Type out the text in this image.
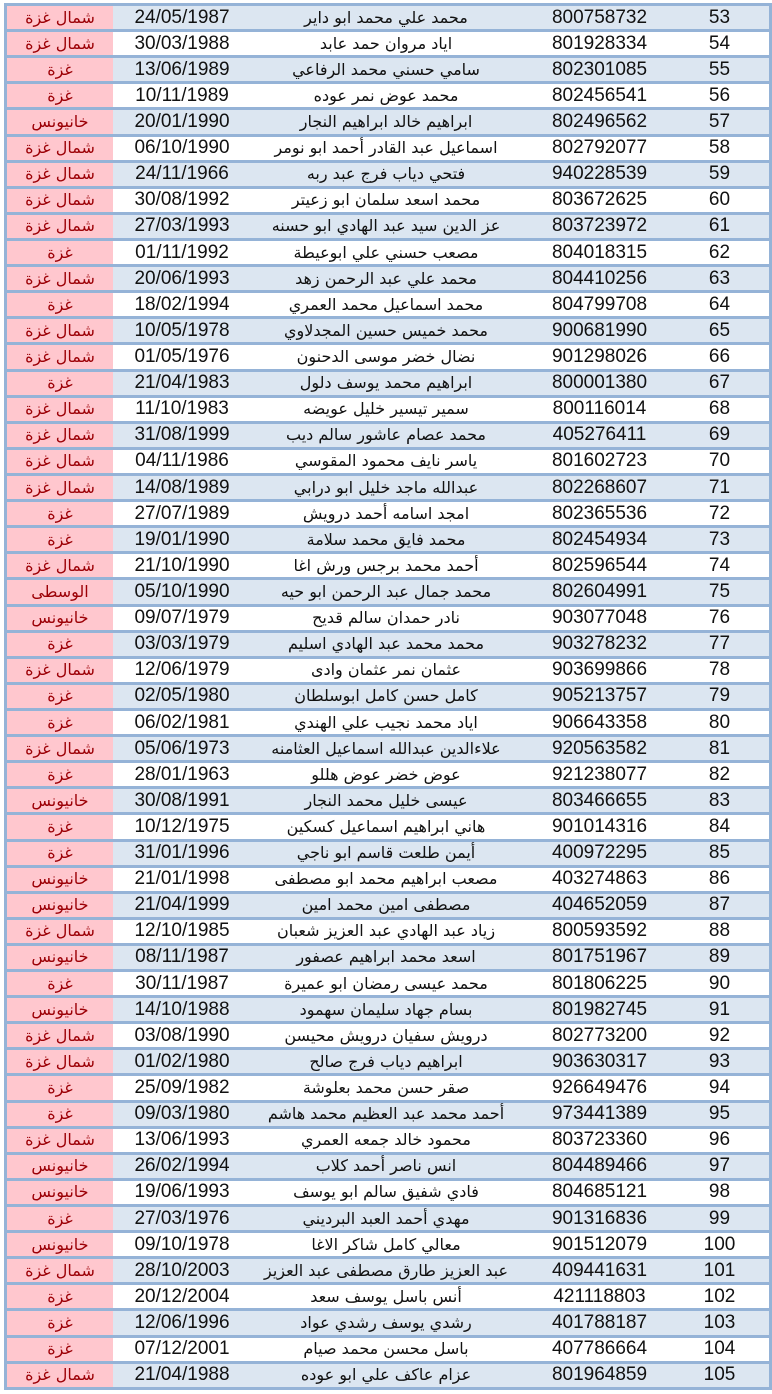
شمال غزة	24/05/1987	محمد علي محمد ابو داير	800758732	53
شمال غزة	30/03/1988	اياد مروان حمد عابد	801928334	54
غزة	13/06/1989	سامي حسني محمد الرفاعي	802301085	55
غزة	10/11/1989	محمد عوض نمر عوده	802456541	56
خانيونس	20/01/1990	ابراهيم خالد ابراهيم النجار	802496562	57
شمال غزة	06/10/1990	اسماعيل عبد القادر أحمد ابو نومر	802792077	58
شمال غزة	24/11/1966	فتحي دياب فرج عبد ربه	940228539	59
شمال غزة	30/08/1992	محمد اسعد سلمان ابو زعيتر	803672625	60
شمال غزة	27/03/1993	عز الدين سيد عبد الهادي ابو حسنه	803723972	61
غزة	01/11/1992	مصعب حسني علي ابوعيطة	804018315	62
شمال غزة	20/06/1993	محمد علي عبد الرحمن زهد	804410256	63
غزة	18/02/1994	محمد اسماعيل محمد العمري	804799708	64
شمال غزة	10/05/1978	محمد خميس حسين المجدلاوي	900681990	65
شمال غزة	01/05/1976	نضال خضر موسى الدحنون	901298026	66
غزة	21/04/1983	ابراهيم محمد يوسف دلول	800001380	67
شمال غزة	11/10/1983	سمير تيسير خليل عويضه	800116014	68
شمال غزة	31/08/1999	محمد عصام عاشور سالم ديب	405276411	69
شمال غزة	04/11/1986	ياسر نايف محمود المقوسي	801602723	70
شمال غزة	14/08/1989	عبدالله ماجد خليل ابو درابي	802268607	71
غزة	27/07/1989	امجد اسامه أحمد درويش	802365536	72
غزة	19/01/1990	محمد فايق محمد سلامة	802454934	73
شمال غزة	21/10/1990	أحمد محمد برجس ورش اغا	802596544	74
الوسطى	05/10/1990	محمد جمال عبد الرحمن ابو حيه	802604991	75
خانيونس	09/07/1979	نادر حمدان سالم قديح	903077048	76
غزة	03/03/1979	محمد محمد عبد الهادي اسليم	903278232	77
شمال غزة	12/06/1979	عثمان نمر عثمان وادى	903699866	78
غزة	02/05/1980	كامل حسن كامل ابوسلطان	905213757	79
غزة	06/02/1981	اياد محمد نجيب علي الهندي	906643358	80
شمال غزة	05/06/1973	علاءالدين عبدالله اسماعيل العثامنه	920563582	81
غزة	28/01/1963	عوض خضر عوض هللو	921238077	82
خانيونس	30/08/1991	عيسى خليل محمد النجار	803466655	83
غزة	10/12/1975	هاني ابراهيم اسماعيل كسكين	901014316	84
غزة	31/01/1996	أيمن طلعت قاسم ابو ناجي	400972295	85
خانيونس	21/01/1998	مصعب ابراهيم محمد ابو مصطفى	403274863	86
خانيونس	21/04/1999	مصطفى امين محمد امين	404652059	87
شمال غزة	12/10/1985	زياد عبد الهادي عبد العزيز شعبان	800593592	88
خانيونس	08/11/1987	اسعد محمد ابراهيم عصفور	801751967	89
غزة	30/11/1987	محمد عيسى رمضان ابو عميرة	801806225	90
خانيونس	14/10/1988	بسام جهاد سليمان سهمود	801982745	91
شمال غزة	03/08/1990	درويش سفيان درويش محيسن	802773200	92
شمال غزة	01/02/1980	ابراهيم دياب فرج صالح	903630317	93
غزة	25/09/1982	صقر حسن محمد بعلوشة	926649476	94
غزة	09/03/1980	أحمد محمد عبد العظيم محمد هاشم	973441389	95
شمال غزة	13/06/1993	محمود خالد جمعه العمري	803723360	96
خانيونس	26/02/1994	انس ناصر أحمد كلاب	804489466	97
خانيونس	19/06/1993	فادي شفيق سالم ابو يوسف	804685121	98
غزة	27/03/1976	مهدي أحمد العبد البرديني	901316836	99
خانيونس	09/10/1978	معالي كامل شاكر الاغا	901512079	100
شمال غزة	28/10/2003	عبد العزيز طارق مصطفى عبد العزيز	409441631	101
غزة	20/12/2004	أنس باسل يوسف سعد	421118803	102
غزة	12/06/1996	رشدي يوسف رشدي عواد	401788187	103
غزة	07/12/2001	باسل محسن محمد صيام	407786664	104
شمال غزة	21/04/1988	عزام عاكف علي ابو عوده	801964859	105
